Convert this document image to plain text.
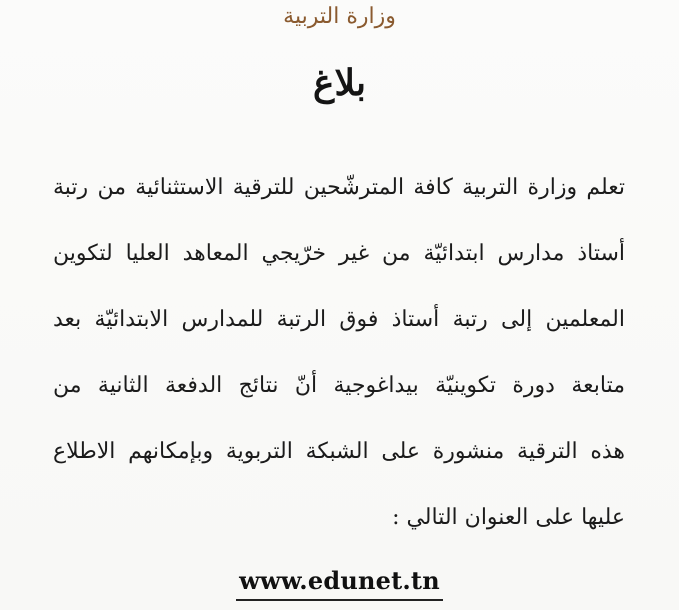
وزارة التربية
بلاغ
تعلم وزارة التربية كافة المترشّحين للترقية الاستثنائية من رتبة
أستاذ مدارس ابتدائيّة من غير خرّيجي المعاهد العليا لتكوين
المعلمين إلى رتبة أستاذ فوق الرتبة للمدارس الابتدائيّة بعد
متابعة دورة تكوينيّة بيداغوجية أنّ نتائج الدفعة الثانية من
هذه الترقية منشورة على الشبكة التربوية وبإمكانهم الاطلاع
عليها على العنوان التالي :
www.edunet.tn
